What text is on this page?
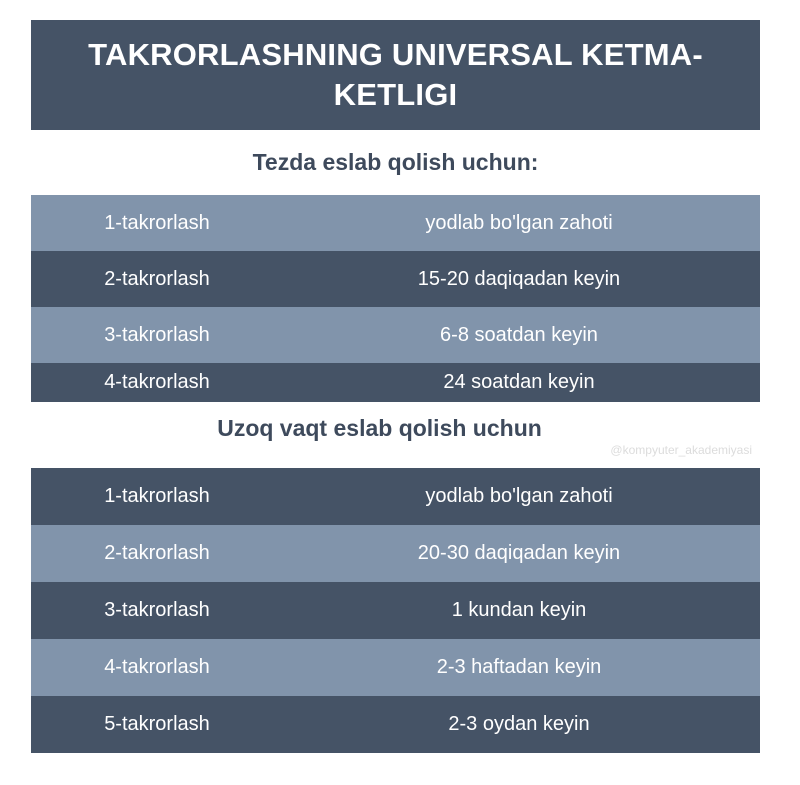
TAKRORLASHNING UNIVERSAL KETMA-KETLIGI
Tezda eslab qolish uchun:
1-takrorlash	yodlab bo'lgan zahoti
2-takrorlash	15-20 daqiqadan keyin
3-takrorlash	6-8 soatdan keyin
4-takrorlash	24 soatdan keyin
Uzoq vaqt eslab qolish uchun
@kompyuter_akademiyasi
1-takrorlash	yodlab bo'lgan zahoti
2-takrorlash	20-30 daqiqadan keyin
3-takrorlash	1 kundan keyin
4-takrorlash	2-3 haftadan keyin
5-takrorlash	2-3 oydan keyin
